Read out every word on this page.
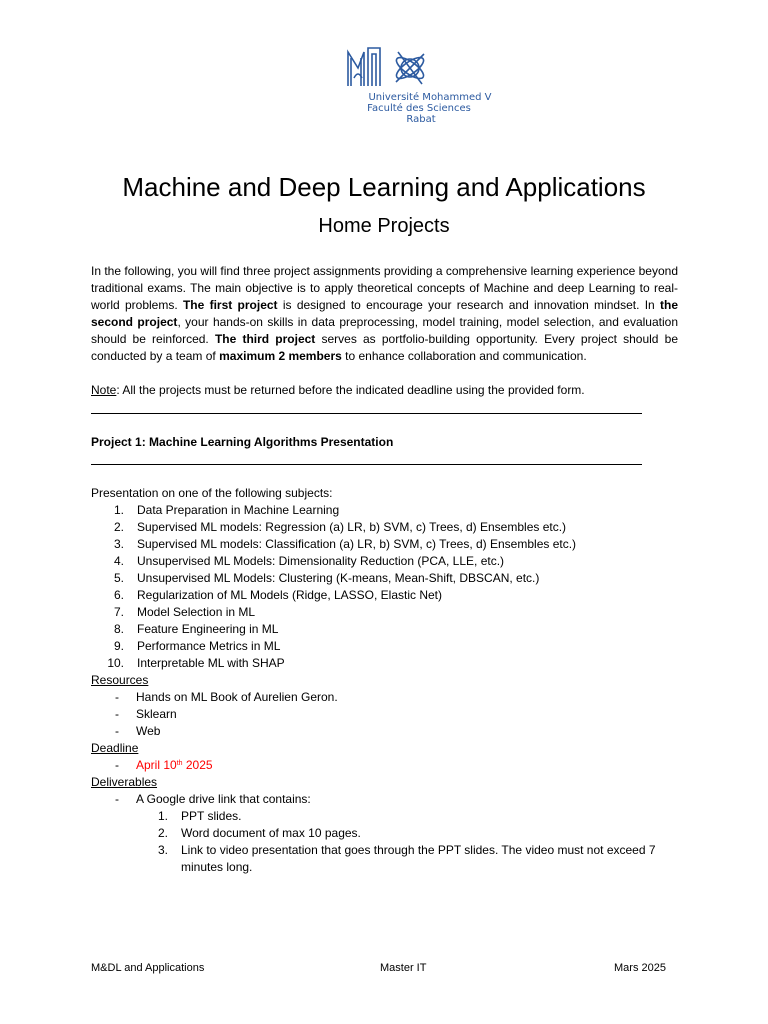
Université Mohammed V
Faculté des Sciences
Rabat
Machine and Deep Learning and Applications
Home Projects
In the following, you will find three project assignments providing a comprehensive learning experience beyond traditional exams. The main objective is to apply theoretical concepts of Machine and deep Learning to real-world problems. The first project is designed to encourage your research and innovation mindset. In the second project, your hands-on skills in data preprocessing, model training, model selection, and evaluation should be reinforced. The third project serves as portfolio-building opportunity. Every project should be conducted by a team of maximum 2 members to enhance collaboration and communication.
Note: All the projects must be returned before the indicated deadline using the provided form.
Project 1: Machine Learning Algorithms Presentation
Presentation on one of the following subjects:
1. Data Preparation in Machine Learning
2. Supervised ML models: Regression (a) LR, b) SVM, c) Trees, d) Ensembles etc.)
3. Supervised ML models: Classification (a) LR, b) SVM, c) Trees, d) Ensembles etc.)
4. Unsupervised ML Models: Dimensionality Reduction (PCA, LLE, etc.)
5. Unsupervised ML Models: Clustering (K-means, Mean-Shift, DBSCAN, etc.)
6. Regularization of ML Models (Ridge, LASSO, Elastic Net)
7. Model Selection in ML
8. Feature Engineering in ML
9. Performance Metrics in ML
10. Interpretable ML with SHAP
Resources
- Hands on ML Book of Aurelien Geron.
- Sklearn
- Web
Deadline
- April 10th 2025
Deliverables
- A Google drive link that contains:
1. PPT slides.
2. Word document of max 10 pages.
3. Link to video presentation that goes through the PPT slides. The video must not exceed 7 minutes long.
M&DL and Applications	Master IT	Mars 2025
